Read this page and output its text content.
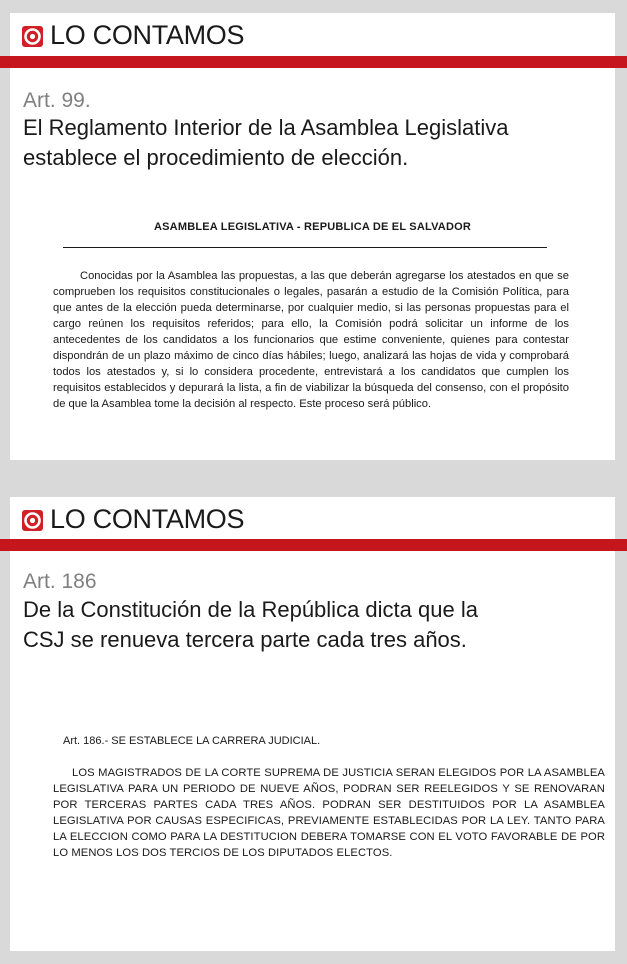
LO CONTAMOS
Art. 99.
El Reglamento Interior de la Asamblea Legislativa establece el procedimiento de elección.
ASAMBLEA LEGISLATIVA - REPUBLICA DE EL SALVADOR
Conocidas por la Asamblea las propuestas, a las que deberán agregarse los atestados en que se comprueben los requisitos constitucionales o legales, pasarán a estudio de la Comisión Política, para que antes de la elección pueda determinarse, por cualquier medio, si las personas propuestas para el cargo reúnen los requisitos referidos; para ello, la Comisión podrá solicitar un informe de los antecedentes de los candidatos a los funcionarios que estime conveniente, quienes para contestar dispondrán de un plazo máximo de cinco días hábiles; luego, analizará las hojas de vida y comprobará todos los atestados y, si lo considera procedente, entrevistará a los candidatos que cumplen los requisitos establecidos y depurará la lista, a fin de viabilizar la búsqueda del consenso, con el propósito de que la Asamblea tome la decisión al respecto. Este proceso será público.
LO CONTAMOS
Art. 186
De la Constitución de la República dicta que la
CSJ se renueva tercera parte cada tres años.
Art. 186.- SE ESTABLECE LA CARRERA JUDICIAL.
LOS MAGISTRADOS DE LA CORTE SUPREMA DE JUSTICIA SERAN ELEGIDOS POR LA ASAMBLEA LEGISLATIVA PARA UN PERIODO DE NUEVE AÑOS, PODRAN SER REELEGIDOS Y SE RENOVARAN POR TERCERAS PARTES CADA TRES AÑOS. PODRAN SER DESTITUIDOS POR LA ASAMBLEA LEGISLATIVA POR CAUSAS ESPECIFICAS, PREVIAMENTE ESTABLECIDAS POR LA LEY. TANTO PARA LA ELECCION COMO PARA LA DESTITUCION DEBERA TOMARSE CON EL VOTO FAVORABLE DE POR LO MENOS LOS DOS TERCIOS DE LOS DIPUTADOS ELECTOS.
